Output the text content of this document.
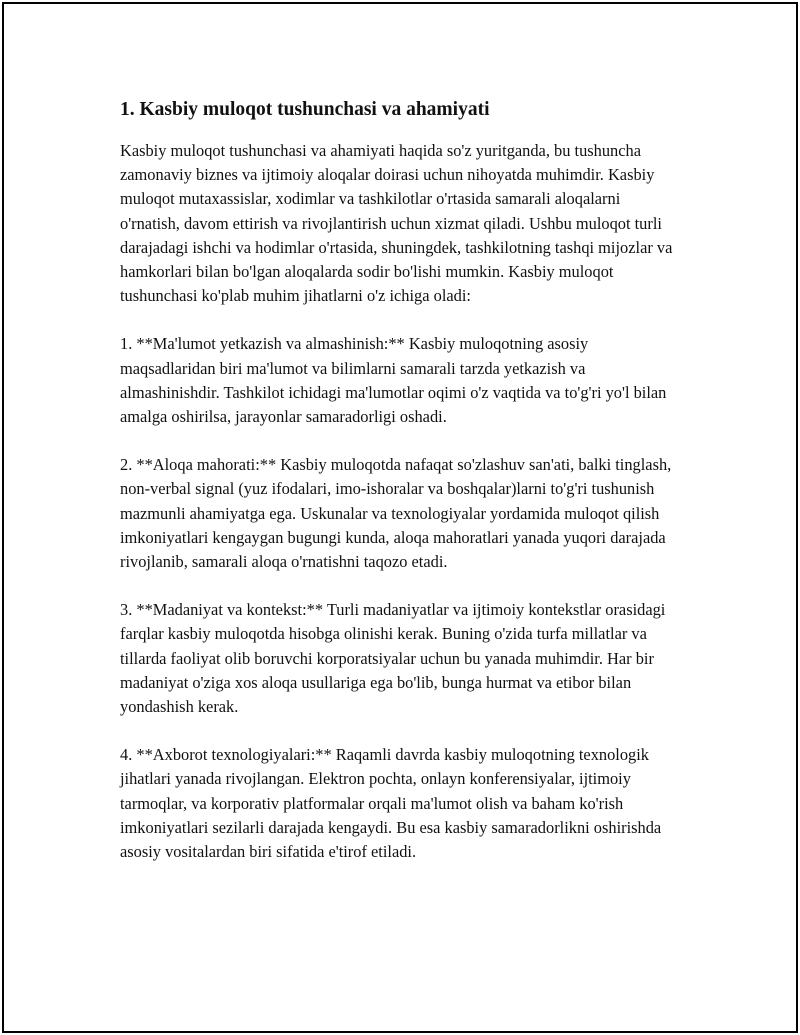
1. Kasbiy muloqot tushunchasi va ahamiyati

Kasbiy muloqot tushunchasi va ahamiyati haqida so'z yuritganda, bu tushuncha zamonaviy biznes va ijtimoiy aloqalar doirasi uchun nihoyatda muhimdir. Kasbiy muloqot mutaxassislar, xodimlar va tashkilotlar o'rtasida samarali aloqalarni o'rnatish, davom ettirish va rivojlantirish uchun xizmat qiladi. Ushbu muloqot turli darajadagi ishchi va hodimlar o'rtasida, shuningdek, tashkilotning tashqi mijozlar va hamkorlari bilan bo'lgan aloqalarda sodir bo'lishi mumkin. Kasbiy muloqot tushunchasi ko'plab muhim jihatlarni o'z ichiga oladi:

1. **Ma'lumot yetkazish va almashinish:** Kasbiy muloqotning asosiy maqsadlaridan biri ma'lumot va bilimlarni samarali tarzda yetkazish va almashinishdir. Tashkilot ichidagi ma'lumotlar oqimi o'z vaqtida va to'g'ri yo'l bilan amalga oshirilsa, jarayonlar samaradorligi oshadi.

2. **Aloqa mahorati:** Kasbiy muloqotda nafaqat so'zlashuv san'ati, balki tinglash, non-verbal signal (yuz ifodalari, imo-ishoralar va boshqalar)larni to'g'ri tushunish mazmunli ahamiyatga ega. Uskunalar va texnologiyalar yordamida muloqot qilish imkoniyatlari kengaygan bugungi kunda, aloqa mahoratlari yanada yuqori darajada rivojlanib, samarali aloqa o'rnatishni taqozo etadi.

3. **Madaniyat va kontekst:** Turli madaniyatlar va ijtimoiy kontekstlar orasidagi farqlar kasbiy muloqotda hisobga olinishi kerak. Buning o'zida turfa millatlar va tillarda faoliyat olib boruvchi korporatsiyalar uchun bu yanada muhimdir. Har bir madaniyat o'ziga xos aloqa usullariga ega bo'lib, bunga hurmat va etibor bilan yondashish kerak.

4. **Axborot texnologiyalari:** Raqamli davrda kasbiy muloqotning texnologik jihatlari yanada rivojlangan. Elektron pochta, onlayn konferensiyalar, ijtimoiy tarmoqlar, va korporativ platformalar orqali ma'lumot olish va baham ko'rish imkoniyatlari sezilarli darajada kengaydi. Bu esa kasbiy samaradorlikni oshirishda asosiy vositalardan biri sifatida e'tirof etiladi.
